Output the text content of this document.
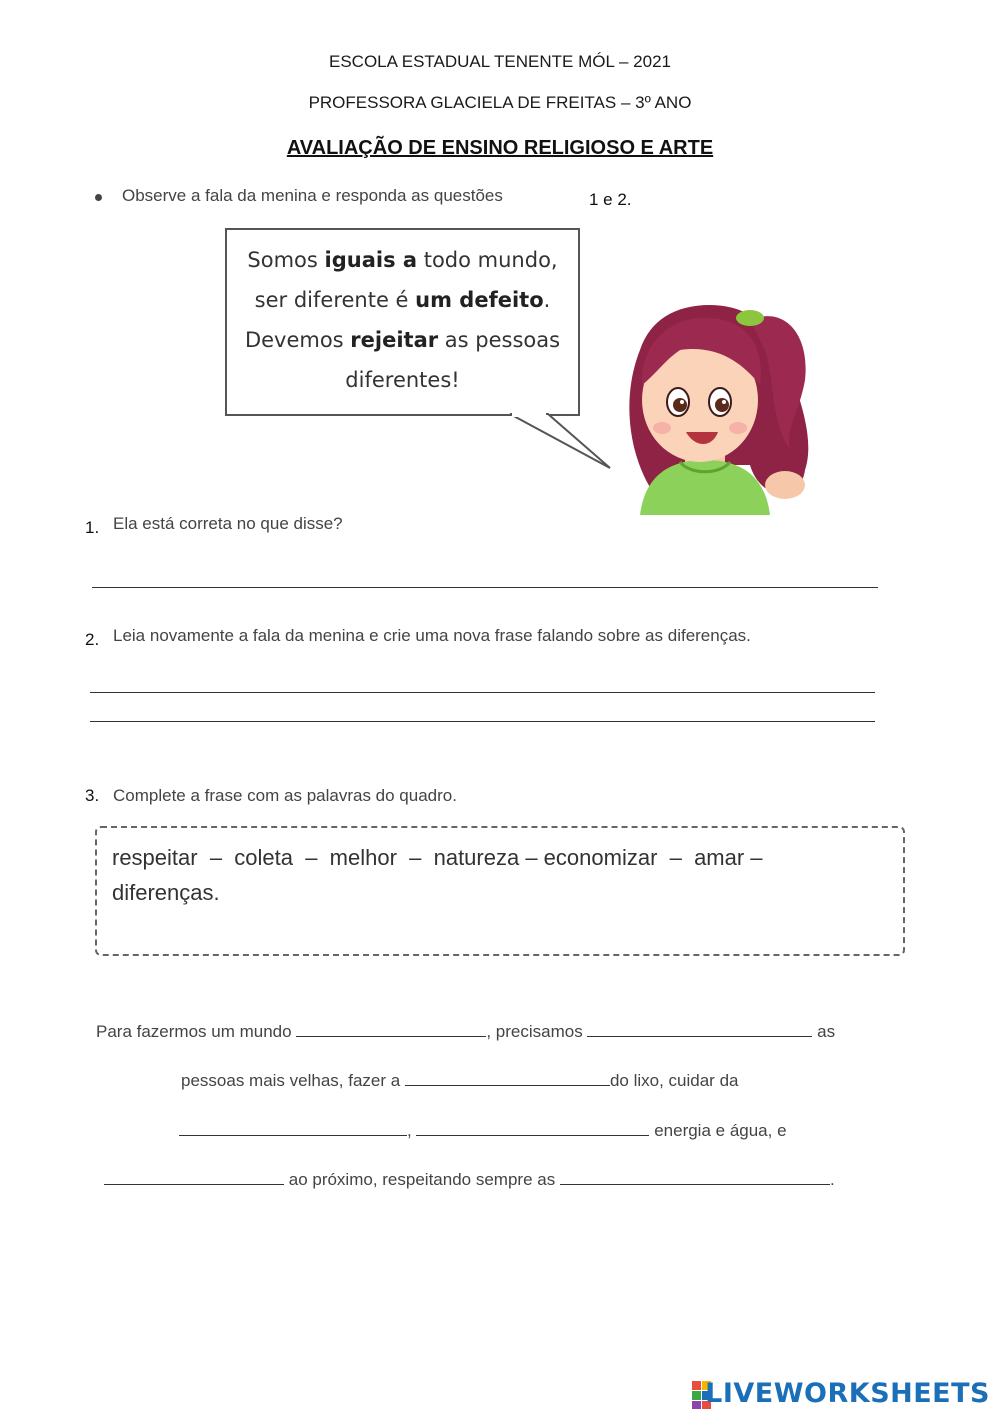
ESCOLA ESTADUAL TENENTE MÓL – 2021
PROFESSORA GLACIELA DE FREITAS – 3º ANO
AVALIAÇÃO DE ENSINO RELIGIOSO E ARTE
Observe a fala da menina e responda as questões	1 e 2.
Somos iguais a todo mundo,
ser diferente é um defeito.
Devemos rejeitar as pessoas
diferentes!
1. Ela está correta no que disse?
2. Leia novamente a fala da menina e crie uma nova frase falando sobre as diferenças.
3. Complete a frase com as palavras do quadro.
respeitar  –  coleta  –  melhor  –  natureza – economizar  –  amar –
diferenças.
Para fazermos um mundo	, precisamos	as
pessoas mais velhas, fazer a	do lixo, cuidar da
,	energia e água, e
ao próximo, respeitando sempre as	.
LIVEWORKSHEETS
